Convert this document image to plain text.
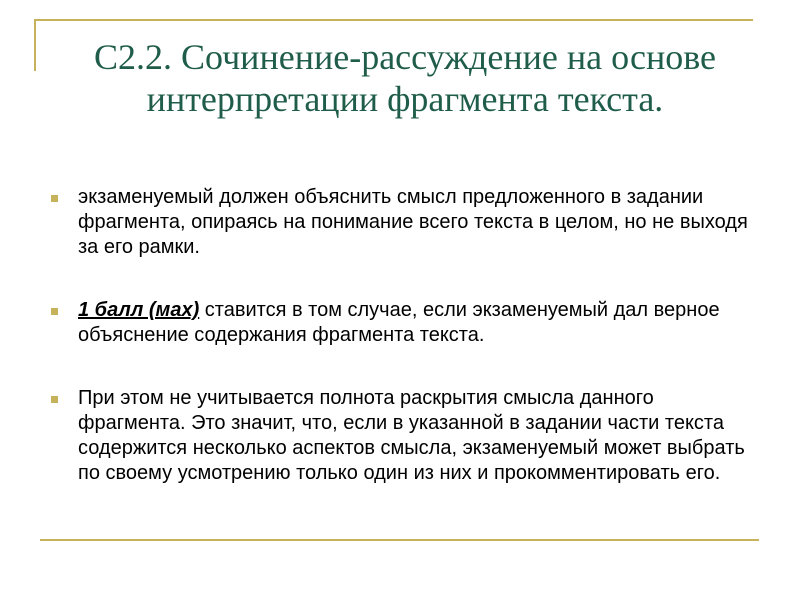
С2.2. Сочинение-рассуждение на основе интерпретации фрагмента текста.
экзаменуемый должен объяснить смысл предложенного в задании фрагмента, опираясь на понимание всего текста в целом, но не выходя за его рамки.
1 балл (мах) ставится в том случае, если экзаменуемый дал верное объяснение содержания фрагмента текста.
При этом не учитывается полнота раскрытия смысла данного фрагмента. Это значит, что, если в указанной в задании части текста содержится несколько аспектов смысла, экзаменуемый может выбрать по своему усмотрению только один из них и прокомментировать его.
